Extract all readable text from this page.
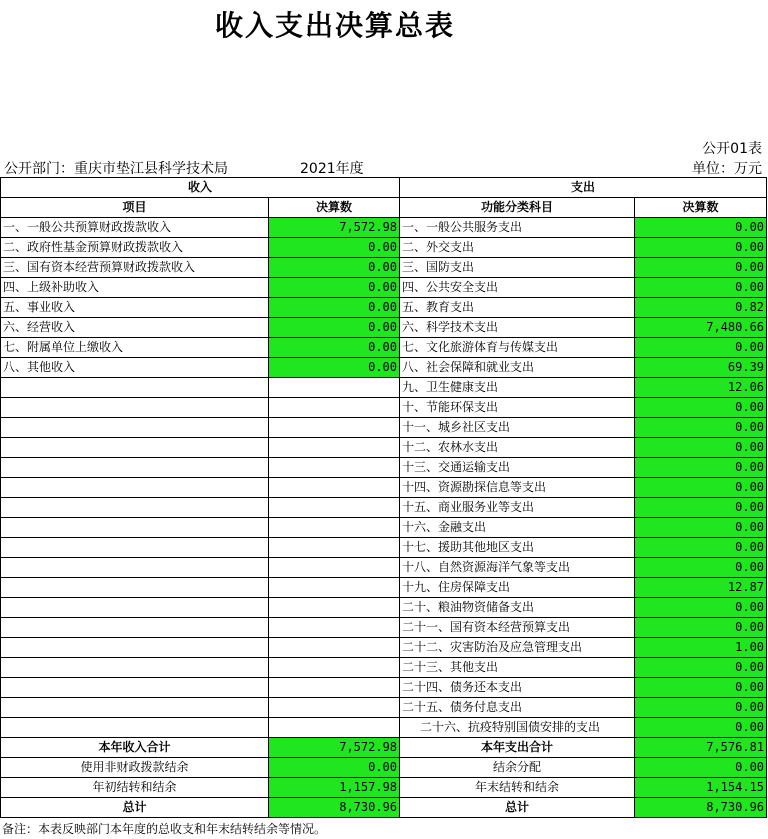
收入支出决算总表
公开01表
公开部门：重庆市垫江县科学技术局	2021年度	单位：万元
收入		支出	
项目	决算数	功能分类科目	决算数
一、一般公共预算财政拨款收入	7,572.98	一、一般公共服务支出	0.00
二、政府性基金预算财政拨款收入	0.00	二、外交支出	0.00
三、国有资本经营预算财政拨款收入	0.00	三、国防支出	0.00
四、上级补助收入	0.00	四、公共安全支出	0.00
五、事业收入	0.00	五、教育支出	0.82
六、经营收入	0.00	六、科学技术支出	7,480.66
七、附属单位上缴收入	0.00	七、文化旅游体育与传媒支出	0.00
八、其他收入	0.00	八、社会保障和就业支出	69.39
		九、卫生健康支出	12.06
		十、节能环保支出	0.00
		十一、城乡社区支出	0.00
		十二、农林水支出	0.00
		十三、交通运输支出	0.00
		十四、资源勘探信息等支出	0.00
		十五、商业服务业等支出	0.00
		十六、金融支出	0.00
		十七、援助其他地区支出	0.00
		十八、自然资源海洋气象等支出	0.00
		十九、住房保障支出	12.87
		二十、粮油物资储备支出	0.00
		二十一、国有资本经营预算支出	0.00
		二十二、灾害防治及应急管理支出	1.00
		二十三、其他支出	0.00
		二十四、债务还本支出	0.00
		二十五、债务付息支出	0.00
		二十六、抗疫特别国债安排的支出	0.00
本年收入合计	7,572.98	本年支出合计	7,576.81
使用非财政拨款结余	0.00	结余分配	0.00
年初结转和结余	1,157.98	年末结转和结余	1,154.15
总计	8,730.96	总计	8,730.96
备注：本表反映部门本年度的总收支和年末结转结余等情况。
